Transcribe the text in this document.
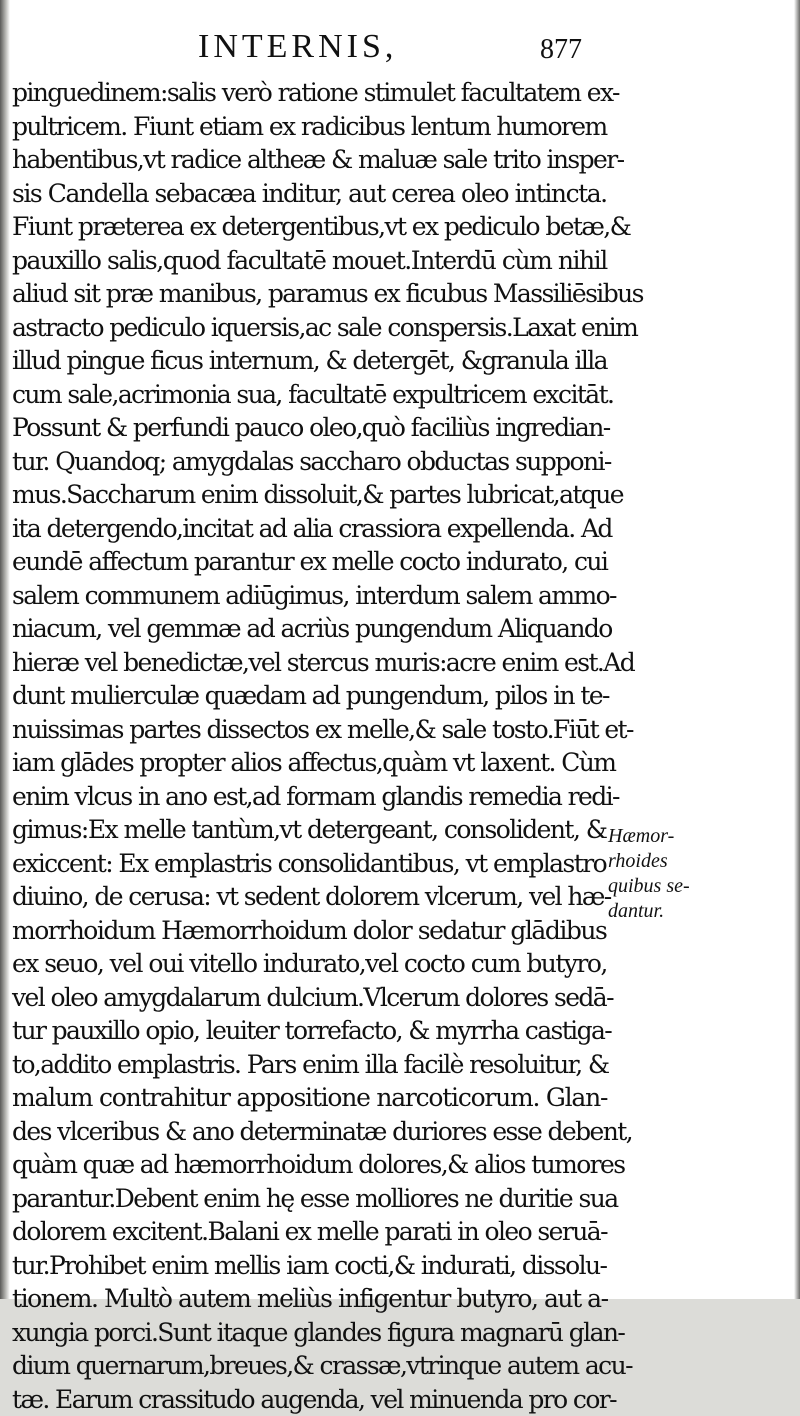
INTERNIS,	877
pinguedinem:salis verò ratione stimulet facultatem ex-
pultricem. Fiunt etiam ex radicibus lentum humorem
habentibus,vt radice altheæ & maluæ sale trito insper-
sis Candella sebacæa inditur, aut cerea oleo intincta.
Fiunt præterea ex detergentibus,vt ex pediculo betæ,&
pauxillo salis,quod facultatē mouet.Interdū cùm nihil
aliud sit præ manibus, paramus ex ficubus Massiliēsibus
astracto pediculo iquersis,ac sale conspersis.Laxat enim
illud pingue ficus internum, & detergēt, &granula illa
cum sale,acrimonia sua, facultatē expultricem excitāt.
Possunt & perfundi pauco oleo,quò faciliùs ingredian-
tur. Quandoq; amygdalas saccharo obductas supponi-
mus.Saccharum enim dissoluit,& partes lubricat,atque
ita detergendo,incitat ad alia crassiora expellenda. Ad
eundē affectum parantur ex melle cocto indurato, cui
salem communem adiūgimus, interdum salem ammo-
niacum, vel gemmæ ad acriùs pungendum Aliquando
hieræ vel benedictæ,vel stercus muris:acre enim est.Ad
dunt mulierculæ quædam ad pungendum, pilos in te-
nuissimas partes dissectos ex melle,& sale tosto.Fiūt et-
iam glādes propter alios affectus,quàm vt laxent. Cùm
enim vlcus in ano est,ad formam glandis remedia redi-
gimus:Ex melle tantùm,vt detergeant, consolident, &
exiccent: Ex emplastris consolidantibus, vt emplastro
diuino, de cerusa: vt sedent dolorem vlcerum, vel hæ-
morrhoidum Hæmorrhoidum dolor sedatur glādibus
ex seuo, vel oui vitello indurato,vel cocto cum butyro,
vel oleo amygdalarum dulcium.Vlcerum dolores sedā-
tur pauxillo opio, leuiter torrefacto, & myrrha castiga-
to,addito emplastris. Pars enim illa facilè resoluitur, &
malum contrahitur appositione narcoticorum. Glan-
des vlceribus & ano determinatæ duriores esse debent,
quàm quæ ad hæmorrhoidum dolores,& alios tumores
parantur.Debent enim hę esse molliores ne duritie sua
dolorem excitent.Balani ex melle parati in oleo seruā-
tur.Prohibet enim mellis iam cocti,& indurati, dissolu-
tionem. Multò autem meliùs infigentur butyro, aut a-
xungia porci.Sunt itaque glandes figura magnarū glan-
dium quernarum,breues,& crassæ,vtrinque autem acu-
tæ. Earum crassitudo augenda, vel minuenda pro cor-
Hæmor-
rhoides
quibus se-
dantur.
